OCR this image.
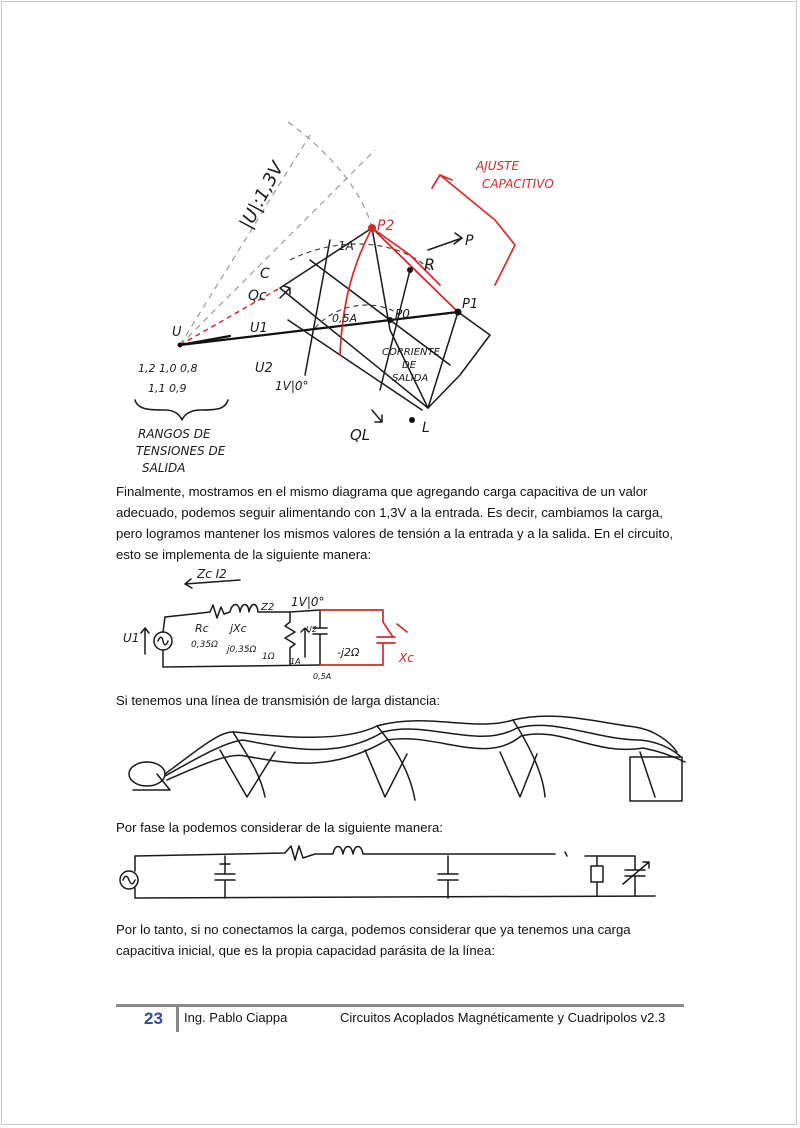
|U|:1,3V
C
1A
P2
R
P
Qc
U1
0,5A	P0
P1
U
U2
1V|0°
CORRIENTE
DE
SALIDA
QL	L
1,2 1,0 0,8
1,1 0,9
RANGOS DE
TENSIONES DE
SALIDA
AJUSTE
CAPACITIVO
Finalmente, mostramos en el mismo diagrama que agregando carga capacitiva de un valor adecuado, podemos seguir alimentando con 1,3V a la entrada. Es decir, cambiamos la carga, pero logramos mantener los mismos valores de tensión a la entrada y a la salida. En el circuito, esto se implementa de la siguiente manera:
Zc I2
Z2 1V|0°
U1
Rc jXc
0,35Ω j0,35Ω
1Ω 1A
U2
-j2Ω
0,5A
Xc
Si tenemos una línea de transmisión de larga distancia:
Por fase la podemos considerar de la siguiente manera:
Por lo tanto, si no conectamos la carga, podemos considerar que ya tenemos una carga capacitiva inicial, que es la propia capacidad parásita de la línea:
23 Ing. Pablo Ciappa	Circuitos Acoplados Magnéticamente y Cuadripolos v2.3
